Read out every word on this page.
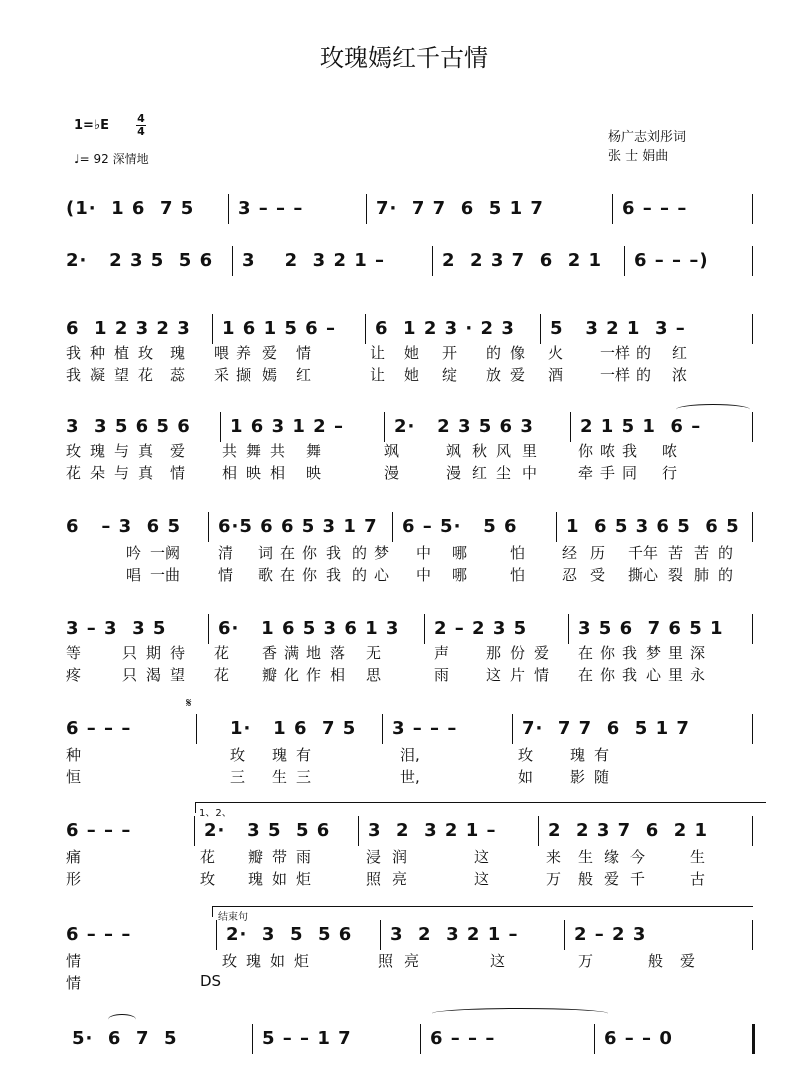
玫瑰嫣红千古情
1=♭E	4
4
♩= 92 深情地
杨广志刘彤词
张 士 娟曲
(1·  1 6  7 5 3 – – –	7·  7 7  6  5 1 7	6 – – –
2·   2 3 5  5 6 3    2  3 2 1 –	2  2 3 7  6  2 1 6 – – –)
6  1 2 3 2 3 1 6 1 5 6 – 6  1 2 3 · 2 3 5   3 2 1  3 –
3  3 5 6 5 6 1 6 3 1 2 –	2·   2 3 5 6 3	2 1 5 1  6 –
6   – 3  6 5 6·5 6 6 5 3 1 7 6 – 5·   5 6	1  6 5 3 6 5  6 5
3 – 3  3 5	6·   1 6 5 3 6 1 3 2 – 2 3 5	3 5 6  7 6 5 1
6 – – –	1·   1 6  7 5 3 – – –	7·  7 7  6  5 1 7
6 – – –	2·   3 5  5 6 3  2  3 2 1 –	2  2 3 7  6  2 1
6 – – –	2·  3  5  5 6 3  2  3 2 1 –	2 – 2 3
5·  6  7  5	5 – – 1 7	6 – – –	6 – – 0
我 种 植 玫 瑰 喂 养 爱 情	让 她 开 的 像 火 一样 的 红
我 凝 望 花 蕊 采 撷 嫣 红	让 她 绽 放 爱 酒 一样 的 浓
玫 瑰 与 真 爱 共 舞 共 舞	飒	飒 秋 风 里	你 哝 我 哝
花 朵 与 真 情 相 映 相 映	漫	漫 红 尘 中	牵 手 同 行
吟 一阙	清 词 在 你 我 的 梦 中 哪	怕 经 历 千年 苦 苦 的
唱 一曲	情 歌 在 你 我 的 心 中 哪	怕 忍 受 撕心 裂 肺 的
等	只 期 待 花 香 满 地 落 无	声 那 份 爱 在 你 我 梦 里 深
疼	只 渴 望 花 瓣 化 作 相 思	雨 这 片 情 在 你 我 心 里 永
种	玫 瑰 有	泪,	玫 瑰 有
恒	三 生 三	世,	如 影 随
痛	花 瓣 带 雨	浸 润	这	来 生 缘 今	生
形	玫 瑰 如 炬	照 亮	这	万 般 爱 千	古
情	玫 瑰 如 炬	照 亮	这	万	般 爱
情	DS
1、2、
结束句
𝄋
